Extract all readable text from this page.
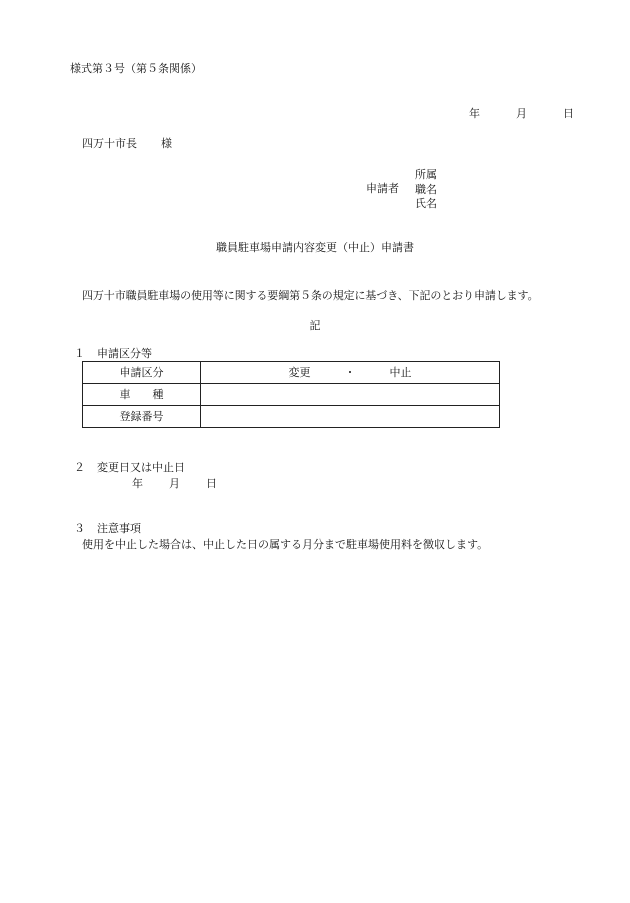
様式第３号（第５条関係）
年	月	日
四万十市長 様
申請者
所属
職名
氏名
職員駐車場申請内容変更（中止）申請書
四万十市職員駐車場の使用等に関する要綱第５条の規定に基づき、下記のとおり申請します。
記
１ 申請区分等
申請区分	変更 ・ 中止
車 種	
登録番号	
２ 変更日又は中止日
年 月 日
３ 注意事項
使用を中止した場合は、中止した日の属する月分まで駐車場使用料を徴収します。
